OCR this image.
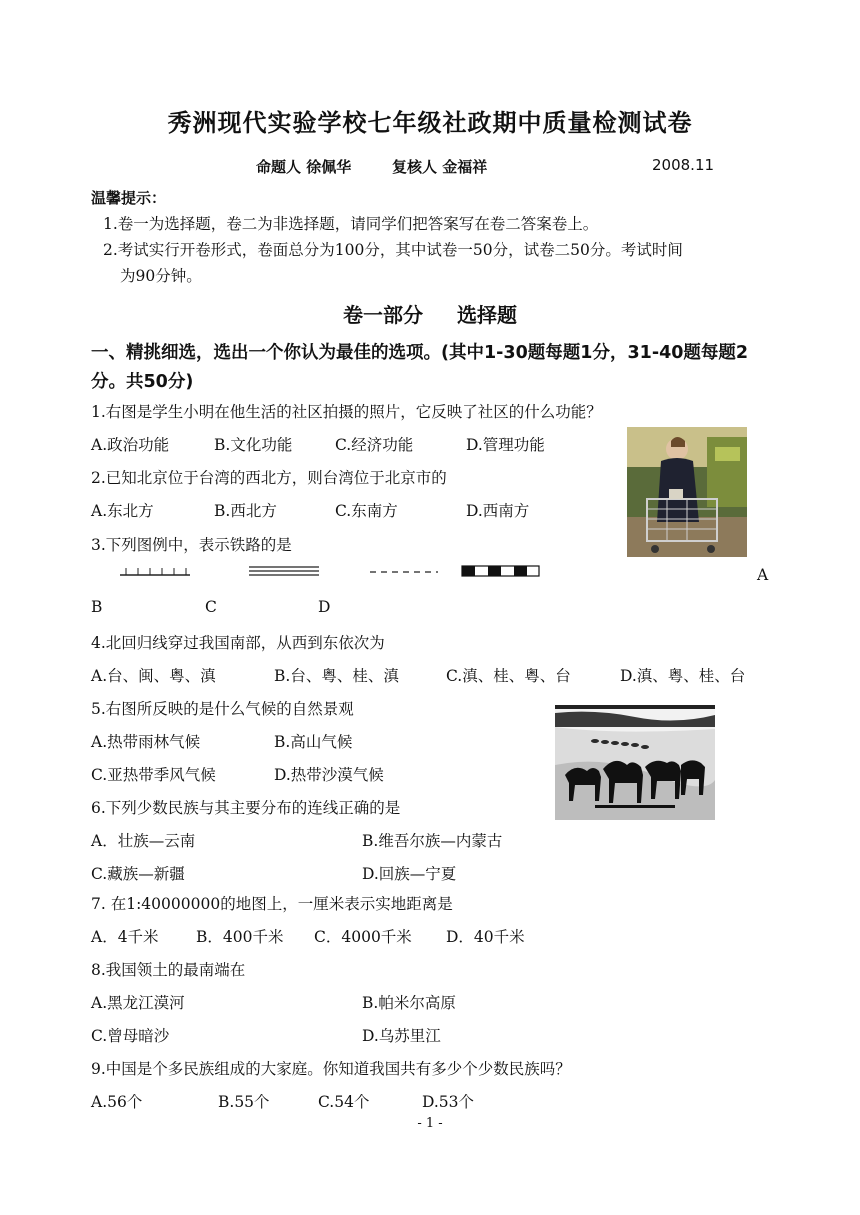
秀洲现代实验学校七年级社政期中质量检测试卷
命题人 徐佩华	复核人 金福祥	2008.11
温馨提示：
1.卷一为选择题，卷二为非选择题，请同学们把答案写在卷二答案卷上。
2.考试实行开卷形式，卷面总分为100分，其中试卷一50分，试卷二50分。考试时间
为90分钟。
卷一部分 选择题
一、精挑细选，选出一个你认为最佳的选项。(其中1-30题每题1分，31-40题每题2分。共50分)
1.右图是学生小明在他生活的社区拍摄的照片，它反映了社区的什么功能？
A.政治功能	B.文化功能	C.经济功能	D.管理功能
2.已知北京位于台湾的西北方，则台湾位于北京市的
A.东北方	B.西北方	C.东南方	D.西南方
3.下列图例中，表示铁路的是
A
B	C	D
4.北回归线穿过我国南部，从西到东依次为
A.台、闽、粤、滇	B.台、粤、桂、滇	C.滇、桂、粤、台	D.滇、粤、桂、台
5.右图所反映的是什么气候的自然景观
A.热带雨林气候	B.高山气候
C.亚热带季风气候	D.热带沙漠气候
6.下列少数民族与其主要分布的连线正确的是
A．壮族—云南	B.维吾尔族—内蒙古
C.藏族—新疆	D.回族—宁夏
7. 在1:40000000的地图上，一厘米表示实地距离是
A．4千米 B．400千米 C．4000千米 D．40千米
8.我国领土的最南端在
A.黑龙江漠河	B.帕米尔高原
C.曾母暗沙	D.乌苏里江
9.中国是个多民族组成的大家庭。你知道我国共有多少个少数民族吗？
A.56个	B.55个	C.54个	D.53个
- 1 -
